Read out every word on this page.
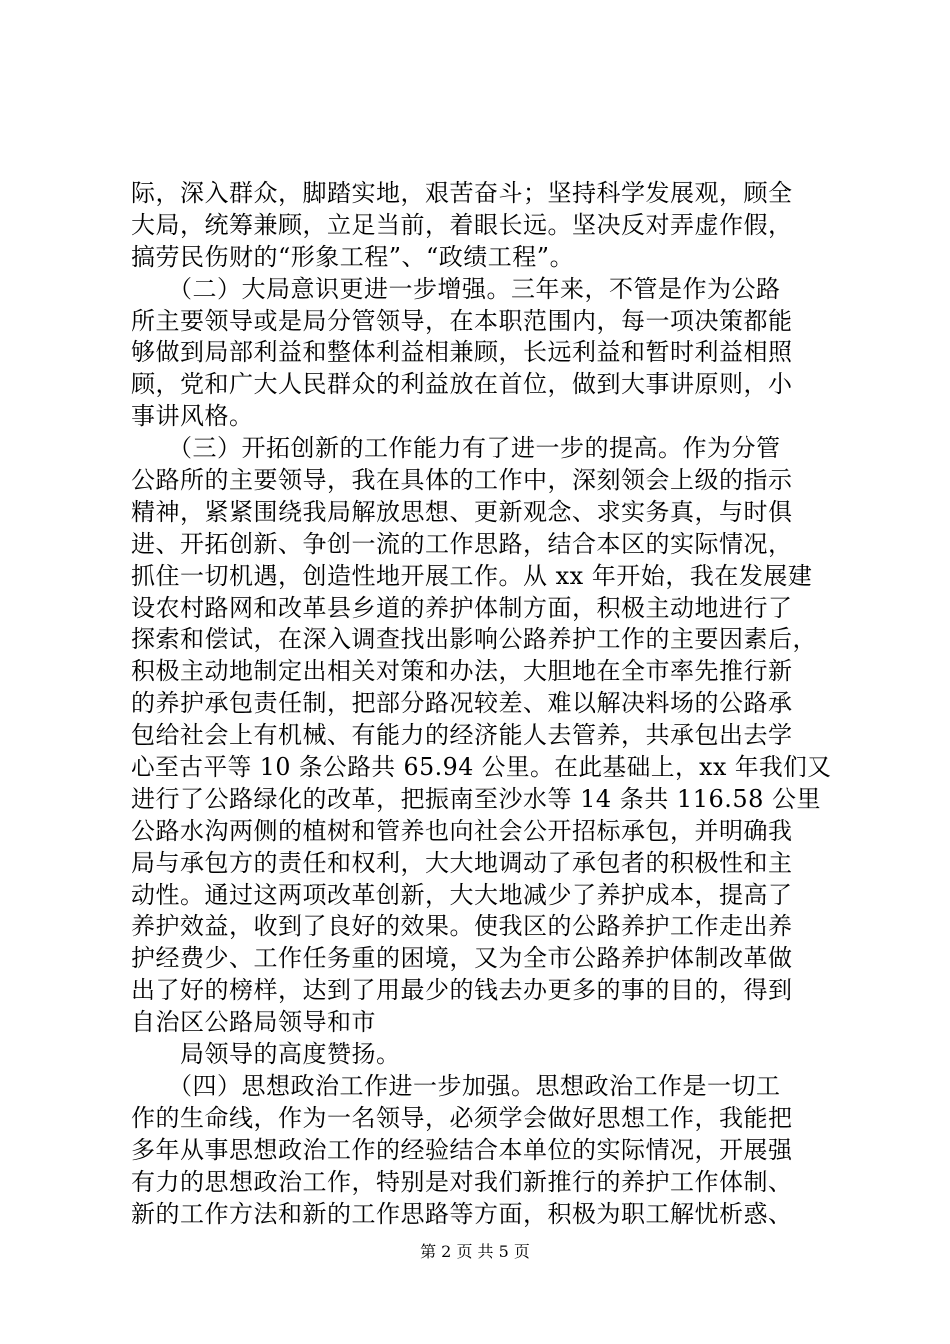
际，深入群众，脚踏实地，艰苦奋斗；坚持科学发展观，顾全
大局，统筹兼顾，立足当前，着眼长远。坚决反对弄虚作假，
搞劳民伤财的“形象工程”、“政绩工程”。
　　（二）大局意识更进一步增强。三年来，不管是作为公路
所主要领导或是局分管领导，在本职范围内，每一项决策都能
够做到局部利益和整体利益相兼顾，长远利益和暂时利益相照
顾，党和广大人民群众的利益放在首位，做到大事讲原则，小
事讲风格。
　　（三）开拓创新的工作能力有了进一步的提高。作为分管
公路所的主要领导，我在具体的工作中，深刻领会上级的指示
精神，紧紧围绕我局解放思想、更新观念、求实务真，与时俱
进、开拓创新、争创一流的工作思路，结合本区的实际情况，
抓住一切机遇，创造性地开展工作。从 xx 年开始，我在发展建
设农村路网和改革县乡道的养护体制方面，积极主动地进行了
探索和偿试，在深入调查找出影响公路养护工作的主要因素后，
积极主动地制定出相关对策和办法，大胆地在全市率先推行新
的养护承包责任制，把部分路况较差、难以解决料场的公路承
包给社会上有机械、有能力的经济能人去管养，共承包出去学
心至古平等 10 条公路共 65.94 公里。在此基础上，xx 年我们又
进行了公路绿化的改革，把振南至沙水等 14 条共 116.58 公里
公路水沟两侧的植树和管养也向社会公开招标承包，并明确我
局与承包方的责任和权利，大大地调动了承包者的积极性和主
动性。通过这两项改革创新，大大地减少了养护成本，提高了
养护效益，收到了良好的效果。使我区的公路养护工作走出养
护经费少、工作任务重的困境，又为全市公路养护体制改革做
出了好的榜样，达到了用最少的钱去办更多的事的目的，得到
自治区公路局领导和市
　　局领导的高度赞扬。
　　（四）思想政治工作进一步加强。思想政治工作是一切工
作的生命线，作为一名领导，必须学会做好思想工作，我能把
多年从事思想政治工作的经验结合本单位的实际情况，开展强
有力的思想政治工作，特别是对我们新推行的养护工作体制、
新的工作方法和新的工作思路等方面，积极为职工解忧析惑、
第 2 页 共 5 页
